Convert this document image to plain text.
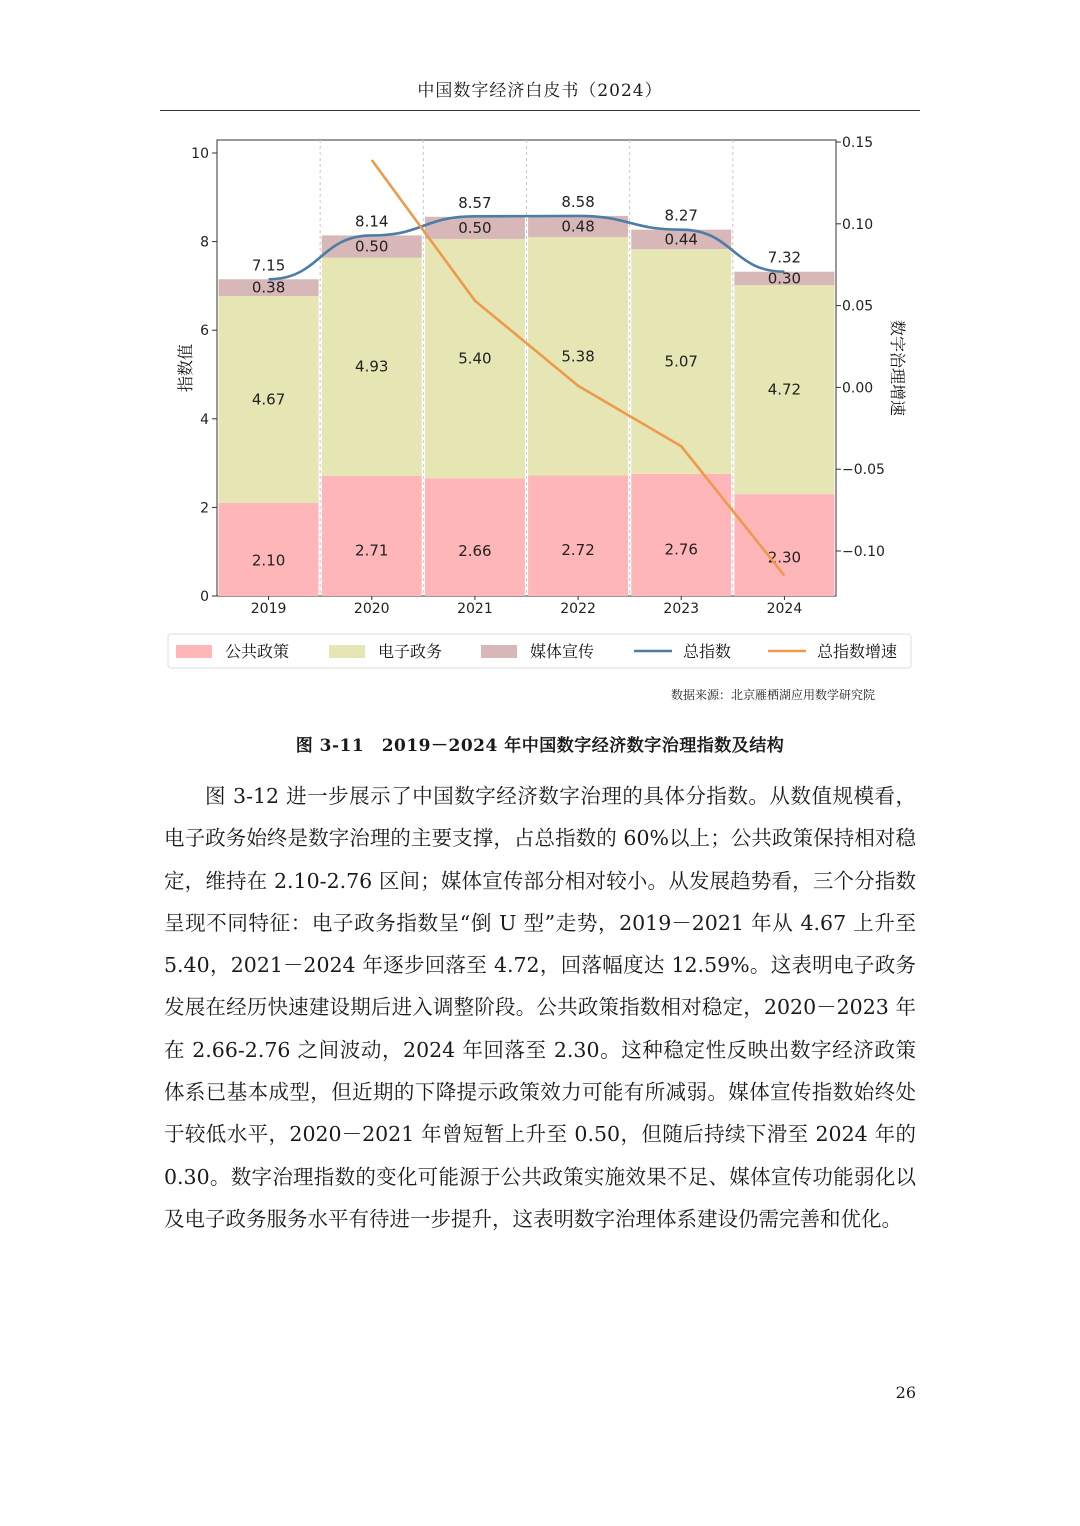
中国数字经济白皮书（2024）
0
2
4
6
8
10
−0.10
−0.05
0.00
0.05
0.10
0.15
指数值	数字治理增速
2.10
4.67
0.38
2019
2.71
4.93
0.50
2020
2.66
5.40
0.50
2021
2.72
5.38
0.48
2022
2.76
5.07
0.44
2023
2.30
4.72
0.30
2024
7.15
8.14
8.57	8.58
8.27
7.32
公共政策	电子政务	媒体宣传	总指数	总指数增速
数据来源：北京雁栖湖应用数学研究院
图 3-11　2019－2024 年中国数字经济数字治理指数及结构

图 3-12 进一步展示了中国数字经济数字治理的具体分指数。从数值规模看，电子政务始终是数字治理的主要支撑，占总指数的 60%以上；公共政策保持相对稳定，维持在 2.10-2.76 区间；媒体宣传部分相对较小。从发展趋势看，三个分指数呈现不同特征：电子政务指数呈“倒 U 型”走势，2019－2021 年从 4.67 上升至 5.40，2021－2024 年逐步回落至 4.72，回落幅度达 12.59%。这表明电子政务发展在经历快速建设期后进入调整阶段。公共政策指数相对稳定，2020－2023 年在 2.66-2.76 之间波动，2024 年回落至 2.30。这种稳定性反映出数字经济政策体系已基本成型，但近期的下降提示政策效力可能有所减弱。媒体宣传指数始终处于较低水平，2020－2021 年曾短暂上升至 0.50，但随后持续下滑至 2024 年的 0.30。数字治理指数的变化可能源于公共政策实施效果不足、媒体宣传功能弱化以及电子政务服务水平有待进一步提升，这表明数字治理体系建设仍需完善和优化。

26
